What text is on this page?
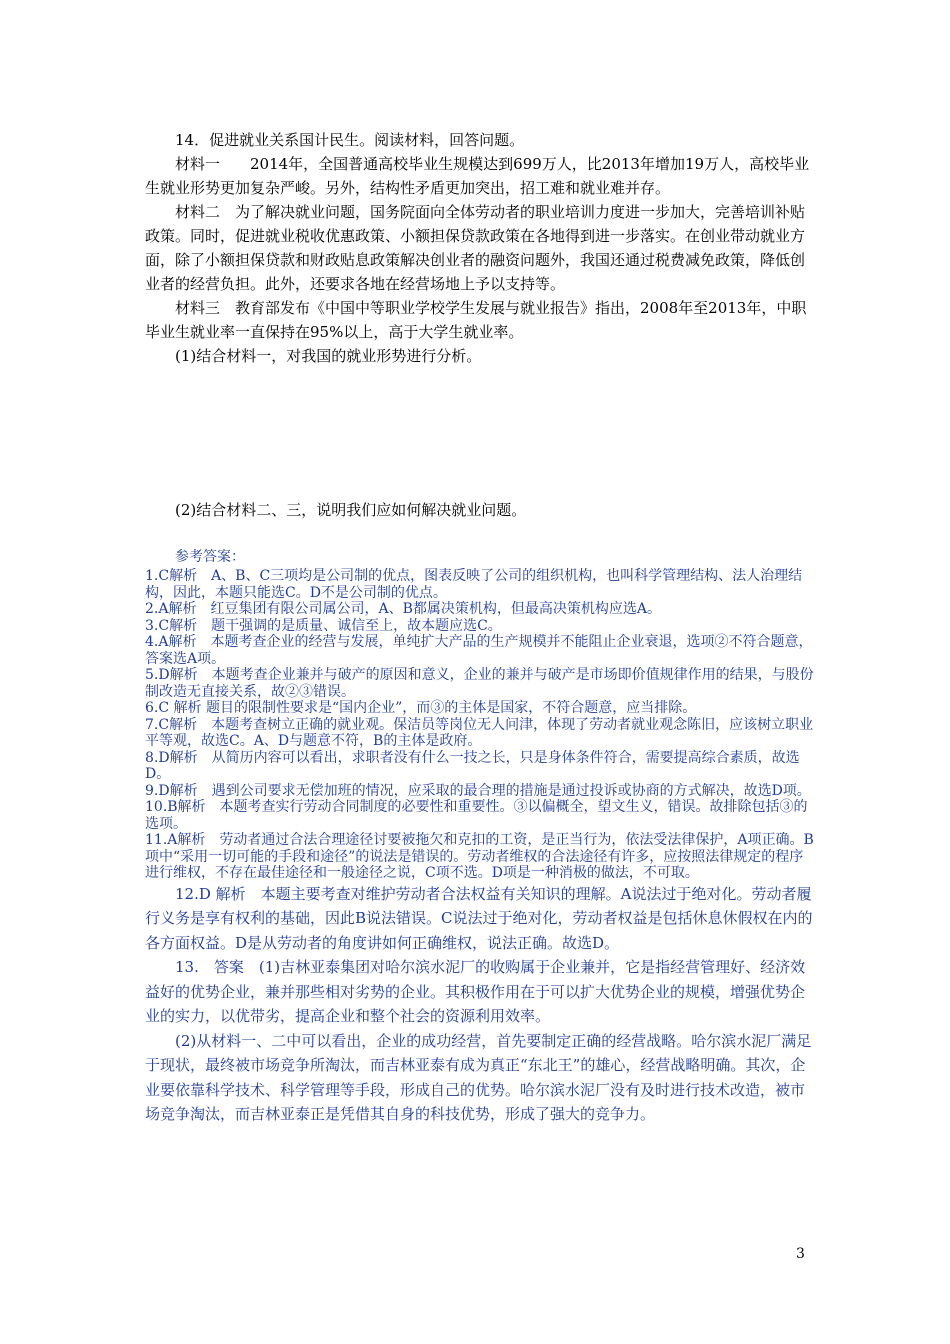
14．促进就业关系国计民生。阅读材料，回答问题。

材料一　　2014年，全国普通高校毕业生规模达到699万人，比2013年增加19万人，高校毕业生就业形势更加复杂严峻。另外，结构性矛盾更加突出，招工难和就业难并存。

材料二　为了解决就业问题，国务院面向全体劳动者的职业培训力度进一步加大，完善培训补贴政策。同时，促进就业税收优惠政策、小额担保贷款政策在各地得到进一步落实。在创业带动就业方面，除了小额担保贷款和财政贴息政策解决创业者的融资问题外，我国还通过税费减免政策，降低创业者的经营负担。此外，还要求各地在经营场地上予以支持等。

材料三　教育部发布《中国中等职业学校学生发展与就业报告》指出，2008年至2013年，中职毕业生就业率一直保持在95%以上，高于大学生就业率。

(1)结合材料一，对我国的就业形势进行分析。

(2)结合材料二、三，说明我们应如何解决就业问题。

参考答案：

1.C解析　A、B、C三项均是公司制的优点，图表反映了公司的组织机构，也叫科学管理结构、法人治理结构，因此，本题只能选C。D不是公司制的优点。

2.A解析　红豆集团有限公司属公司，A、B都属决策机构，但最高决策机构应选A。

3.C解析　题干强调的是质量、诚信至上，故本题应选C。

4.A解析　本题考查企业的经营与发展，单纯扩大产品的生产规模并不能阻止企业衰退，选项②不符合题意，答案选A项。

5.D解析　本题考查企业兼并与破产的原因和意义，企业的兼并与破产是市场即价值规律作用的结果，与股份制改造无直接关系，故②③错误。

6.C 解析 题目的限制性要求是“国内企业”，而③的主体是国家，不符合题意，应当排除。

7.C解析　本题考查树立正确的就业观。保洁员等岗位无人问津，体现了劳动者就业观念陈旧，应该树立职业平等观，故选C。A、D与题意不符，B的主体是政府。

8.D解析　从简历内容可以看出，求职者没有什么一技之长，只是身体条件符合，需要提高综合素质，故选D。

9.D解析　遇到公司要求无偿加班的情况，应采取的最合理的措施是通过投诉或协商的方式解决，故选D项。

10.B解析　本题考查实行劳动合同制度的必要性和重要性。③以偏概全，望文生义，错误。故排除包括③的选项。

11.A解析　劳动者通过合法合理途径讨要被拖欠和克扣的工资，是正当行为，依法受法律保护，A项正确。B项中“采用一切可能的手段和途径”的说法是错误的。劳动者维权的合法途径有许多，应按照法律规定的程序进行维权，不存在最佳途径和一般途径之说，C项不选。D项是一种消极的做法，不可取。

12.D 解析　本题主要考查对维护劳动者合法权益有关知识的理解。A说法过于绝对化。劳动者履行义务是享有权利的基础，因此B说法错误。C说法过于绝对化，劳动者权益是包括休息休假权在内的各方面权益。D是从劳动者的角度讲如何正确维权，说法正确。故选D。

13.　答案　(1)吉林亚泰集团对哈尔滨水泥厂的收购属于企业兼并，它是指经营管理好、经济效益好的优势企业，兼并那些相对劣势的企业。其积极作用在于可以扩大优势企业的规模，增强优势企业的实力，以优带劣，提高企业和整个社会的资源利用效率。

(2)从材料一、二中可以看出，企业的成功经营，首先要制定正确的经营战略。哈尔滨水泥厂满足于现状，最终被市场竞争所淘汰，而吉林亚泰有成为真正“东北王”的雄心，经营战略明确。其次，企业要依靠科学技术、科学管理等手段，形成自己的优势。哈尔滨水泥厂没有及时进行技术改造，被市场竞争淘汰，而吉林亚泰正是凭借其自身的科技优势，形成了强大的竞争力。

3
